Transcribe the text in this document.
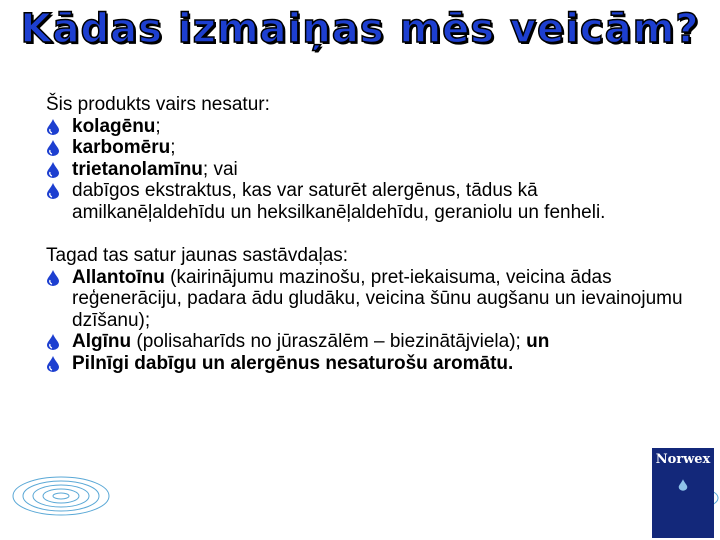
Kādas izmaiņas mēs veicām?

Šis produkts vairs nesatur:

kolagēnu;
karbomēru;
trietanolamīnu; vai
dabīgos ekstraktus, kas var saturēt alergēnus, tādus kā amilkanēļaldehīdu un heksilkanēļaldehīdu, geraniolu un fenheli.

Tagad tas satur jaunas sastāvdaļas:

Allantoīnu (kairinājumu mazinošu, pret-iekaisuma, veicina ādas reģenerāciju, padara ādu gludāku, veicina šūnu augšanu un ievainojumu dzīšanu);
Algīnu (polisaharīds no jūraszālēm – biezinātājviela); un
Pilnīgi dabīgu un alergēnus nesaturošu aromātu.
Norwex
